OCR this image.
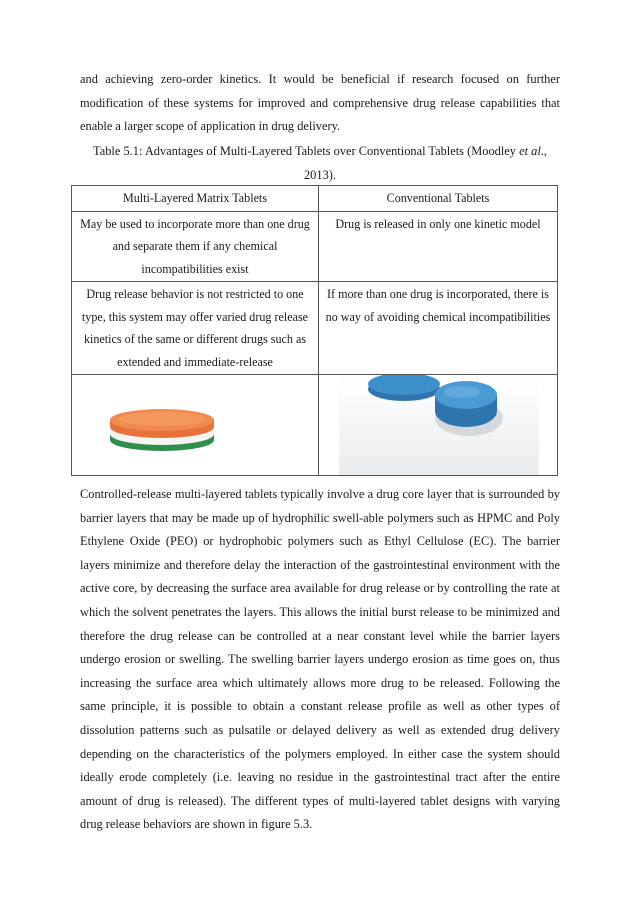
and achieving zero-order kinetics. It would be beneficial if research focused on further modification of these systems for improved and comprehensive drug release capabilities that enable a larger scope of application in drug delivery.

Table 5.1: Advantages of Multi-Layered Tablets over Conventional Tablets (Moodley et al., 2013).

Multi-Layered Matrix Tablets	Conventional Tablets
May be used to incorporate more than one drug and separate them if any chemical incompatibilities exist	Drug is released in only one kinetic model
Drug release behavior is not restricted to one type, this system may offer varied drug release kinetics of the same or different drugs such as extended and immediate-release	If more than one drug is incorporated, there is no way of avoiding chemical incompatibilities

Controlled-release multi-layered tablets typically involve a drug core layer that is surrounded by barrier layers that may be made up of hydrophilic swell-able polymers such as HPMC and Poly Ethylene Oxide (PEO) or hydrophobic polymers such as Ethyl Cellulose (EC). The barrier layers minimize and therefore delay the interaction of the gastrointestinal environment with the active core, by decreasing the surface area available for drug release or by controlling the rate at which the solvent penetrates the layers. This allows the initial burst release to be minimized and therefore the drug release can be controlled at a near constant level while the barrier layers undergo erosion or swelling. The swelling barrier layers undergo erosion as time goes on, thus increasing the surface area which ultimately allows more drug to be released. Following the same principle, it is possible to obtain a constant release profile as well as other types of dissolution patterns such as pulsatile or delayed delivery as well as extended drug delivery depending on the characteristics of the polymers employed. In either case the system should ideally erode completely (i.e. leaving no residue in the gastrointestinal tract after the entire amount of drug is released). The different types of multi-layered tablet designs with varying drug release behaviors are shown in figure 5.3.
